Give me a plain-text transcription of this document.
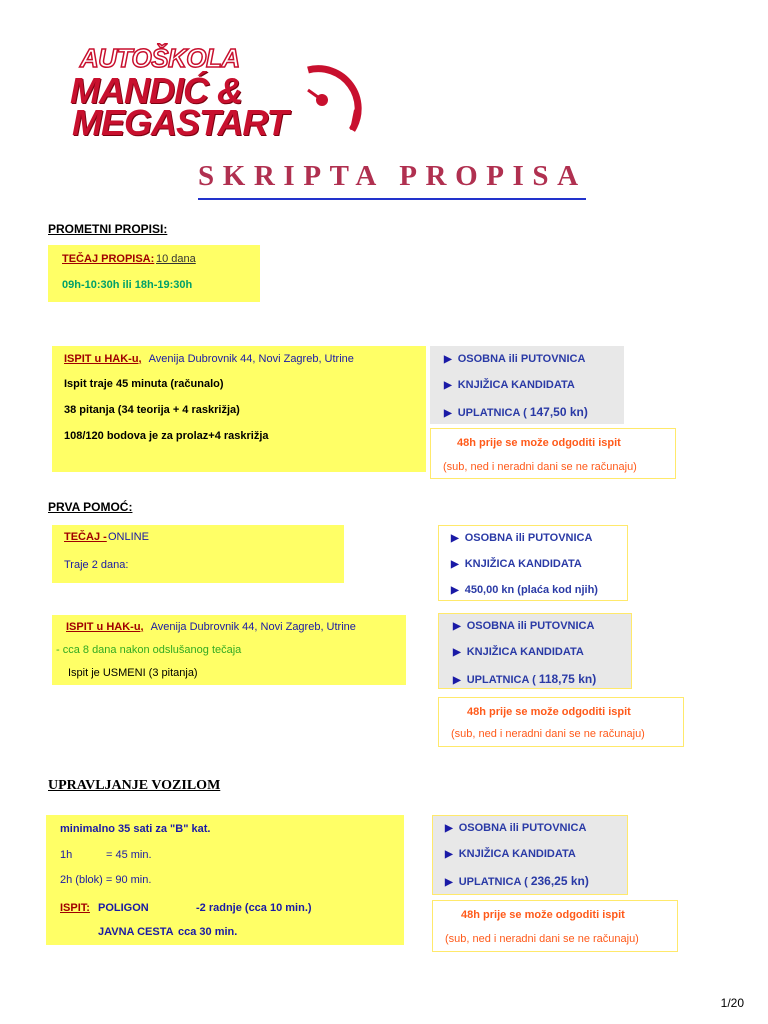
AUTOŠKOLA
MANDIĆ &
MEGASTART
SKRIPTA PROPISA
PROMETNI PROPISI:
TEČAJ PROPISA: 10 dana
09h-10:30h ili 18h-19:30h
ISPIT u HAK-u, Avenija Dubrovnik 44, Novi Zagreb, Utrine
Ispit traje 45 minuta (računalo)
38 pitanja (34 teorija + 4 raskrižja)
108/120 bodova je za prolaz+4 raskrižja
▶ OSOBNA ili PUTOVNICA
▶ KNJIŽICA KANDIDATA
▶ UPLATNICA ( 147,50 kn)
48h prije se može odgoditi ispit
(sub, ned i neradni dani se ne računaju)
PRVA POMOĆ:
TEČAJ - ONLINE
Traje 2 dana:
▶ OSOBNA ili PUTOVNICA
▶ KNJIŽICA KANDIDATA
▶ 450,00 kn (plaća kod njih)
ISPIT u HAK-u, Avenija Dubrovnik 44, Novi Zagreb, Utrine
- cca 8 dana nakon odslušanog tečaja
Ispit je USMENI (3 pitanja)
▶ OSOBNA ili PUTOVNICA
▶ KNJIŽICA KANDIDATA
▶ UPLATNICA ( 118,75 kn)
48h prije se može odgoditi ispit
(sub, ned i neradni dani se ne računaju)
UPRAVLJANJE VOZILOM
minimalno 35 sati za "B" kat.
1h	= 45 min.
2h (blok) = 90 min.
ISPIT: POLIGON	-2 radnje (cca 10 min.)
JAVNA CESTA cca 30 min.
▶ OSOBNA ili PUTOVNICA
▶ KNJIŽICA KANDIDATA
▶ UPLATNICA ( 236,25 kn)
48h prije se može odgoditi ispit
(sub, ned i neradni dani se ne računaju)
1/20
